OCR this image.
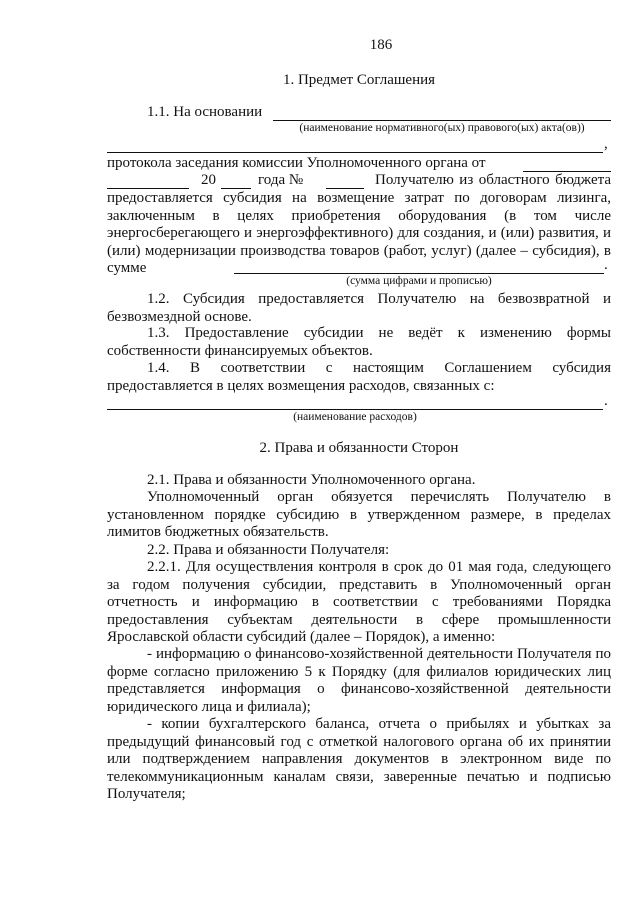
186
1. Предмет Соглашения
1.1. На основании
(наименование нормативного(ых) правового(ых) акта(ов))
,
протокола заседания комиссии Уполномоченного органа от
20	года №	Получателю из областного бюджета
предоставляется субсидия на возмещение затрат по договорам лизинга, заключенным в целях приобретения оборудования (в том числе энергосберегающего и энергоэффективного) для создания, и (или) развития, и (или) модернизации производства товаров (работ, услуг) (далее – субсидия), в сумме	.
(сумма цифрами и прописью)
1.2. Субсидия предоставляется Получателю на безвозвратной и безвозмездной основе.
1.3. Предоставление субсидии не ведёт к изменению формы собственности финансируемых объектов.
1.4. В соответствии с настоящим Соглашением субсидия предоставляется в целях возмещения расходов, связанных с:
.
(наименование расходов)
2. Права и обязанности Сторон
2.1. Права и обязанности Уполномоченного органа.
Уполномоченный орган обязуется перечислять Получателю в установленном порядке субсидию в утвержденном размере, в пределах лимитов бюджетных обязательств.
2.2. Права и обязанности Получателя:
2.2.1. Для осуществления контроля в срок до 01 мая года, следующего за годом получения субсидии, представить в Уполномоченный орган отчетность и информацию в соответствии с требованиями Порядка предоставления субъектам деятельности в сфере промышленности Ярославской области субсидий (далее – Порядок), а именно:
- информацию о финансово-хозяйственной деятельности Получателя по форме согласно приложению 5 к Порядку (для филиалов юридических лиц представляется информация о финансово-хозяйственной деятельности юридического лица и филиала);
- копии бухгалтерского баланса, отчета о прибылях и убытках за предыдущий финансовый год с отметкой налогового органа об их принятии или подтверждением направления документов в электронном виде по телекоммуникационным каналам связи, заверенные печатью и подписью Получателя;
